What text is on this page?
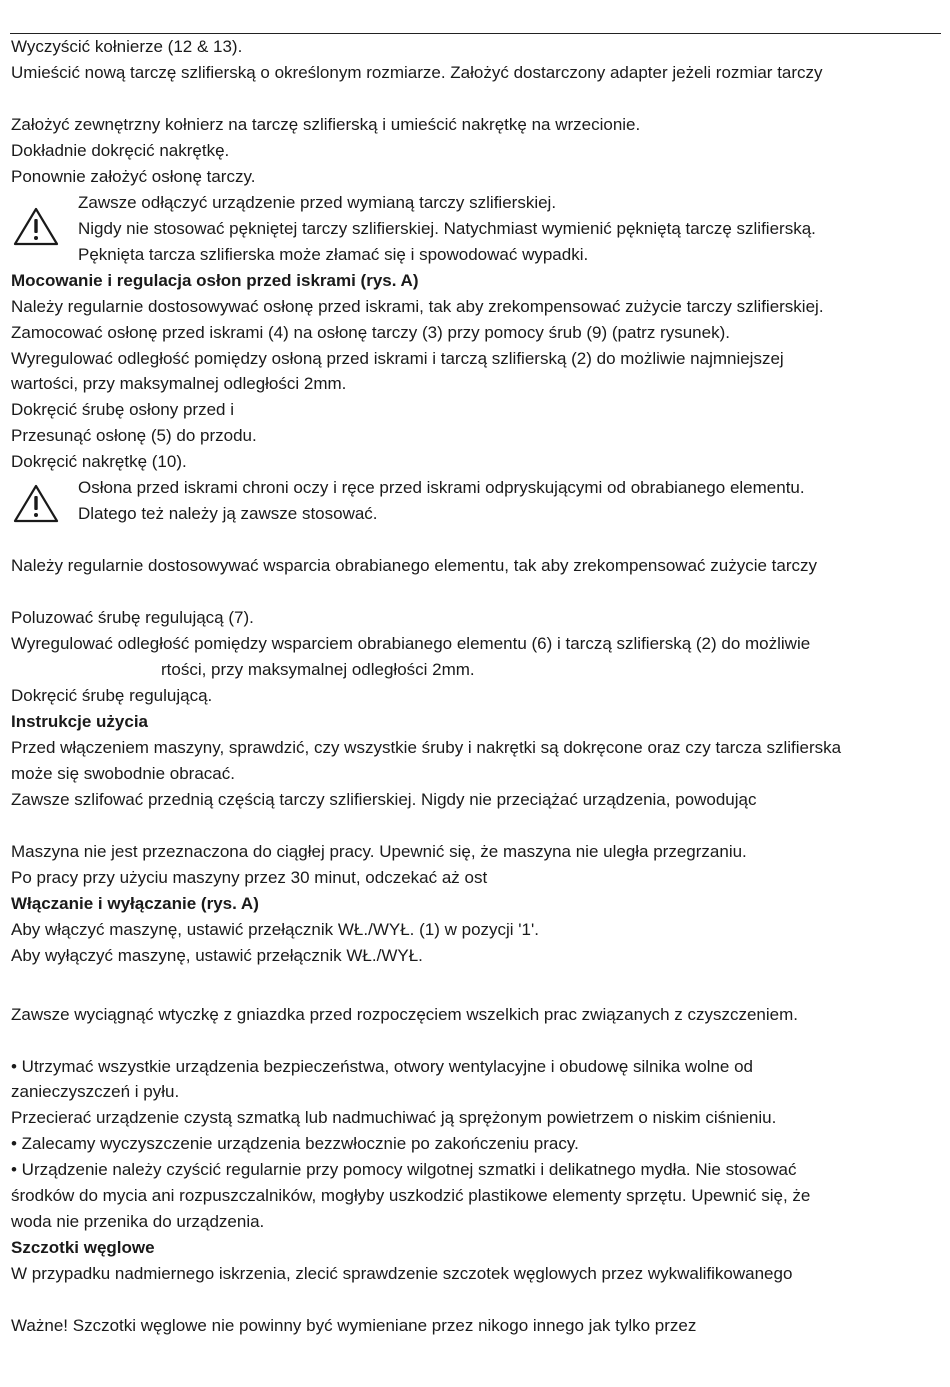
Wyczyścić kołnierze (12 & 13).
Umieścić nową tarczę szlifierską o określonym rozmiarze. Założyć dostarczony adapter jeżeli rozmiar tarczy
Założyć zewnętrzny kołnierz na tarczę szlifierską i umieścić nakrętkę na wrzecionie.
Dokładnie dokręcić nakrętkę.
Ponownie założyć osłonę tarczy.
Zawsze odłączyć urządzenie przed wymianą tarczy szlifierskiej.
Nigdy nie stosować pękniętej tarczy szlifierskiej. Natychmiast wymienić pękniętą tarczę szlifierską.
Pęknięta tarcza szlifierska może złamać się i spowodować wypadki.
Mocowanie i regulacja osłon przed iskrami (rys. A)
Należy regularnie dostosowywać osłonę przed iskrami, tak aby zrekompensować zużycie tarczy szlifierskiej.
Zamocować osłonę przed iskrami (4) na osłonę tarczy (3) przy pomocy śrub (9) (patrz rysunek).
Wyregulować odległość pomiędzy osłoną przed iskrami i tarczą szlifierską (2) do możliwie najmniejszej
wartości, przy maksymalnej odległości 2mm.
Dokręcić śrubę osłony przed i
Przesunąć osłonę (5) do przodu.
Dokręcić nakrętkę (10).
Osłona przed iskrami chroni oczy i ręce przed iskrami odpryskującymi od obrabianego elementu.
Dlatego też należy ją zawsze stosować.
Należy regularnie dostosowywać wsparcia obrabianego elementu, tak aby zrekompensować zużycie tarczy
Poluzować śrubę regulującą (7).
Wyregulować odległość pomiędzy wsparciem obrabianego elementu (6) i tarczą szlifierską (2) do możliwie
rtości, przy maksymalnej odległości 2mm.
Dokręcić śrubę regulującą.
Instrukcje użycia
Przed włączeniem maszyny, sprawdzić, czy wszystkie śruby i nakrętki są dokręcone oraz czy tarcza szlifierska
może się swobodnie obracać.
Zawsze szlifować przednią częścią tarczy szlifierskiej. Nigdy nie przeciążać urządzenia, powodując
Maszyna nie jest przeznaczona do ciągłej pracy. Upewnić się, że maszyna nie uległa przegrzaniu.
Po pracy przy użyciu maszyny przez 30 minut, odczekać aż ost
Włączanie i wyłączanie (rys. A)
Aby włączyć maszynę, ustawić przełącznik WŁ./WYŁ. (1) w pozycji '1'.
Aby wyłączyć maszynę, ustawić przełącznik WŁ./WYŁ.
Zawsze wyciągnąć wtyczkę z gniazdka przed rozpoczęciem wszelkich prac związanych z czyszczeniem.
• Utrzymać wszystkie urządzenia bezpieczeństwa, otwory wentylacyjne i obudowę silnika wolne od
zanieczyszczeń i pyłu.
Przecierać urządzenie czystą szmatką lub nadmuchiwać ją sprężonym powietrzem o niskim ciśnieniu.
• Zalecamy wyczyszczenie urządzenia bezzwłocznie po zakończeniu pracy.
• Urządzenie należy czyścić regularnie przy pomocy wilgotnej szmatki i delikatnego mydła. Nie stosować
środków do mycia ani rozpuszczalników, mogłyby uszkodzić plastikowe elementy sprzętu. Upewnić się, że
woda nie przenika do urządzenia.
Szczotki węglowe
W przypadku nadmiernego iskrzenia, zlecić sprawdzenie szczotek węglowych przez wykwalifikowanego
Ważne! Szczotki węglowe nie powinny być wymieniane przez nikogo innego jak tylko przez
